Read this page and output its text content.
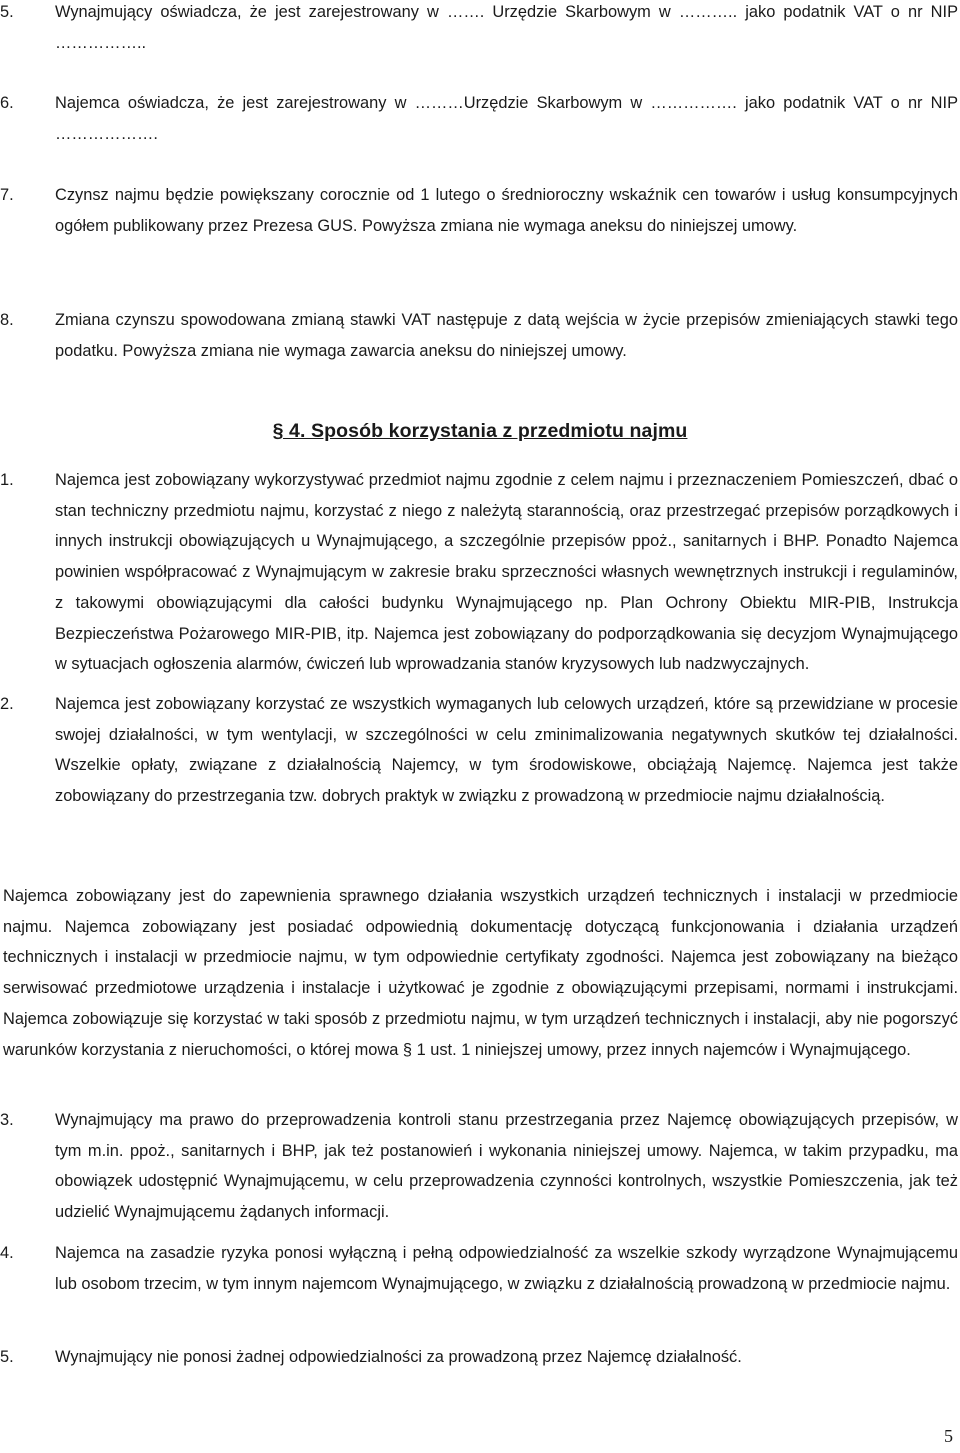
5.	Wynajmujący oświadcza, że jest zarejestrowany w ……. Urzędzie Skarbowym w ……….. jako podatnik VAT o nr NIP ……………..
6.	Najemca oświadcza, że jest zarejestrowany w ………Urzędzie Skarbowym w ……………. jako podatnik VAT o nr NIP ……………….
7.	Czynsz najmu będzie powiększany corocznie od 1 lutego o średnioroczny wskaźnik cen towarów i usług konsumpcyjnych ogółem publikowany przez Prezesa GUS. Powyższa zmiana nie wymaga aneksu do niniejszej umowy.
8.	Zmiana czynszu spowodowana zmianą stawki VAT następuje z datą wejścia w życie przepisów zmieniających stawki tego podatku. Powyższa zmiana nie wymaga zawarcia aneksu do niniejszej umowy.
§ 4. Sposób korzystania z przedmiotu najmu
1.	Najemca jest zobowiązany wykorzystywać przedmiot najmu zgodnie z celem najmu i przeznaczeniem Pomieszczeń, dbać o stan techniczny przedmiotu najmu, korzystać z niego z należytą starannością, oraz przestrzegać przepisów porządkowych i innych instrukcji obowiązujących u Wynajmującego, a szczególnie przepisów ppoż., sanitarnych i BHP. Ponadto Najemca powinien współpracować z Wynajmującym w zakresie braku sprzeczności własnych wewnętrznych instrukcji i regulaminów, z takowymi obowiązującymi dla całości budynku Wynajmującego np. Plan Ochrony Obiektu MIR-PIB, Instrukcja Bezpieczeństwa Pożarowego MIR-PIB, itp. Najemca jest zobowiązany do podporządkowania się decyzjom Wynajmującego w sytuacjach ogłoszenia alarmów, ćwiczeń lub wprowadzania stanów kryzysowych lub nadzwyczajnych.
2.	Najemca jest zobowiązany korzystać ze wszystkich wymaganych lub celowych urządzeń, które są przewidziane w procesie swojej działalności, w tym wentylacji, w szczególności w celu zminimalizowania negatywnych skutków tej działalności. Wszelkie opłaty, związane z działalnością Najemcy, w tym środowiskowe, obciążają Najemcę. Najemca jest także zobowiązany do przestrzegania tzw. dobrych praktyk w związku z prowadzoną w przedmiocie najmu działalnością.
Najemca zobowiązany jest do zapewnienia sprawnego działania wszystkich urządzeń technicznych i instalacji w przedmiocie najmu. Najemca zobowiązany jest posiadać odpowiednią dokumentację dotyczącą funkcjonowania i działania urządzeń technicznych i instalacji w przedmiocie najmu, w tym odpowiednie certyfikaty zgodności. Najemca jest zobowiązany na bieżąco serwisować przedmiotowe urządzenia i instalacje i użytkować je zgodnie z obowiązującymi przepisami, normami i instrukcjami. Najemca zobowiązuje się korzystać w taki sposób z przedmiotu najmu, w tym urządzeń technicznych i instalacji, aby nie pogorszyć warunków korzystania z nieruchomości, o której mowa § 1 ust. 1 niniejszej umowy, przez innych najemców i Wynajmującego.
3.	Wynajmujący ma prawo do przeprowadzenia kontroli stanu przestrzegania przez Najemcę obowiązujących przepisów, w tym m.in. ppoż., sanitarnych i BHP, jak też postanowień i wykonania niniejszej umowy. Najemca, w takim przypadku, ma obowiązek udostępnić Wynajmującemu, w celu przeprowadzenia czynności kontrolnych, wszystkie Pomieszczenia, jak też udzielić Wynajmującemu żądanych informacji.
4.	Najemca na zasadzie ryzyka ponosi wyłączną i pełną odpowiedzialność za wszelkie szkody wyrządzone Wynajmującemu lub osobom trzecim, w tym innym najemcom Wynajmującego, w związku z działalnością prowadzoną w przedmiocie najmu.
5.	Wynajmujący nie ponosi żadnej odpowiedzialności za prowadzoną przez Najemcę działalność.
5
